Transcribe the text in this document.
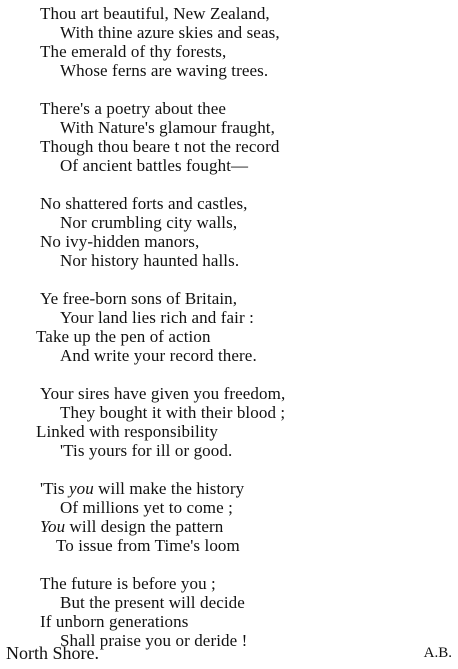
Thou art beautiful, New Zealand,
With thine azure skies and seas,
The emerald of thy forests,
Whose ferns are waving trees.
There's a poetry about thee
With Nature's glamour fraught,
Though thou beare t not the record
Of ancient battles fought—
No shattered forts and castles,
Nor crumbling city walls,
No ivy-hidden manors,
Nor history haunted halls.
Ye free-born sons of Britain,
Your land lies rich and fair :
Take up the pen of action
And write your record there.
Your sires have given you freedom,
They bought it with their blood ;
Linked with responsibility
'Tis yours for ill or good.
'Tis you will make the history
Of millions yet to come ;
You will design the pattern
To issue from Time's loom
The future is before you ;
But the present will decide
If unborn generations
Shall praise you or deride !
North Shore.	A.B.
